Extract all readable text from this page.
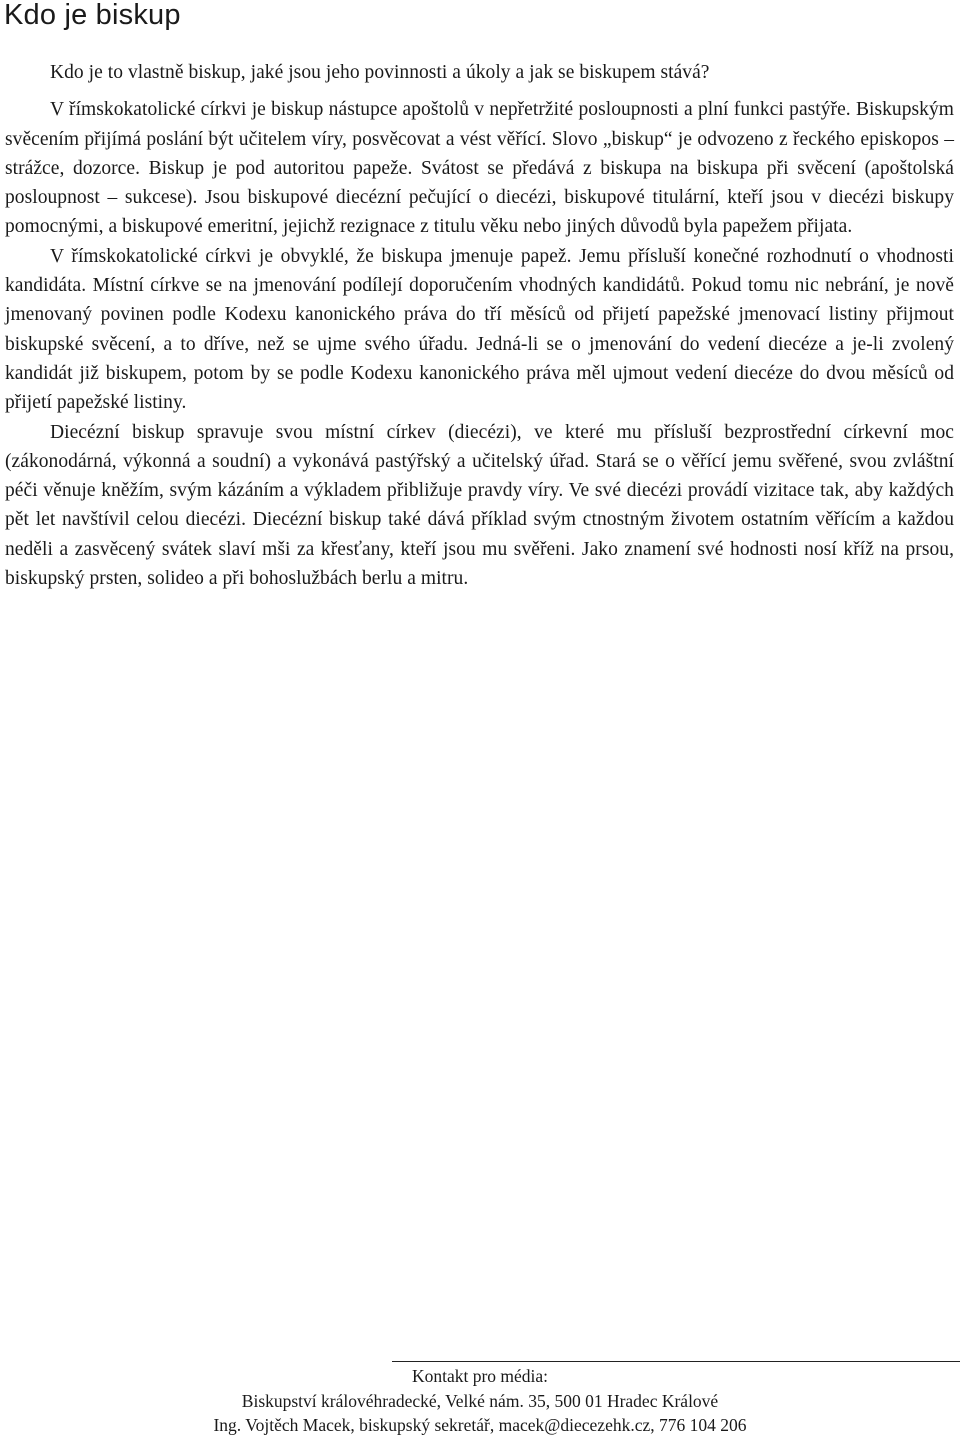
Kdo je biskup

Kdo je to vlastně biskup, jaké jsou jeho povinnosti a úkoly a jak se biskupem stává?

V římskokatolické církvi je biskup nástupce apoštolů v nepřetržité posloupnosti a plní funkci pastýře. Biskupským svěcením přijímá poslání být učitelem víry, posvěcovat a vést věřící. Slovo „biskup“ je odvozeno z řeckého episkopos – strážce, dozorce. Biskup je pod autoritou papeže. Svátost se předává z biskupa na biskupa při svěcení (apoštolská posloupnost – sukcese). Jsou biskupové diecézní pečující o diecézi, biskupové titulární, kteří jsou v diecézi biskupy pomocnými, a biskupové emeritní, jejichž rezignace z titulu věku nebo jiných důvodů byla papežem přijata.

V římskokatolické církvi je obvyklé, že biskupa jmenuje papež. Jemu přísluší konečné rozhodnutí o vhodnosti kandidáta. Místní církve se na jmenování podílejí doporučením vhodných kandidátů. Pokud tomu nic nebrání, je nově jmenovaný povinen podle Kodexu kanonického práva do tří měsíců od přijetí papežské jmenovací listiny přijmout biskupské svěcení, a to dříve, než se ujme svého úřadu. Jedná-li se o jmenování do vedení diecéze a je-li zvolený kandidát již biskupem, potom by se podle Kodexu kanonického práva měl ujmout vedení diecéze do dvou měsíců od přijetí papežské listiny.

Diecézní biskup spravuje svou místní církev (diecézi), ve které mu přísluší bezprostřední církevní moc (zákonodárná, výkonná a soudní) a vykonává pastýřský a učitelský úřad. Stará se o věřící jemu svěřené, svou zvláštní péči věnuje kněžím, svým kázáním a výkladem přibližuje pravdy víry. Ve své diecézi provádí vizitace tak, aby každých pět let navštívil celou diecézi. Diecézní biskup také dává příklad svým ctnostným životem ostatním věřícím a každou neděli a zasvěcený svátek slaví mši za křesťany, kteří jsou mu svěřeni. Jako znamení své hodnosti nosí kříž na prsou, biskupský prsten, solideo a při bohoslužbách berlu a mitru.

Kontakt pro média:
Biskupství královéhradecké, Velké nám. 35, 500 01 Hradec Králové
Ing. Vojtěch Macek, biskupský sekretář, macek@diecezehk.cz, 776 104 206
